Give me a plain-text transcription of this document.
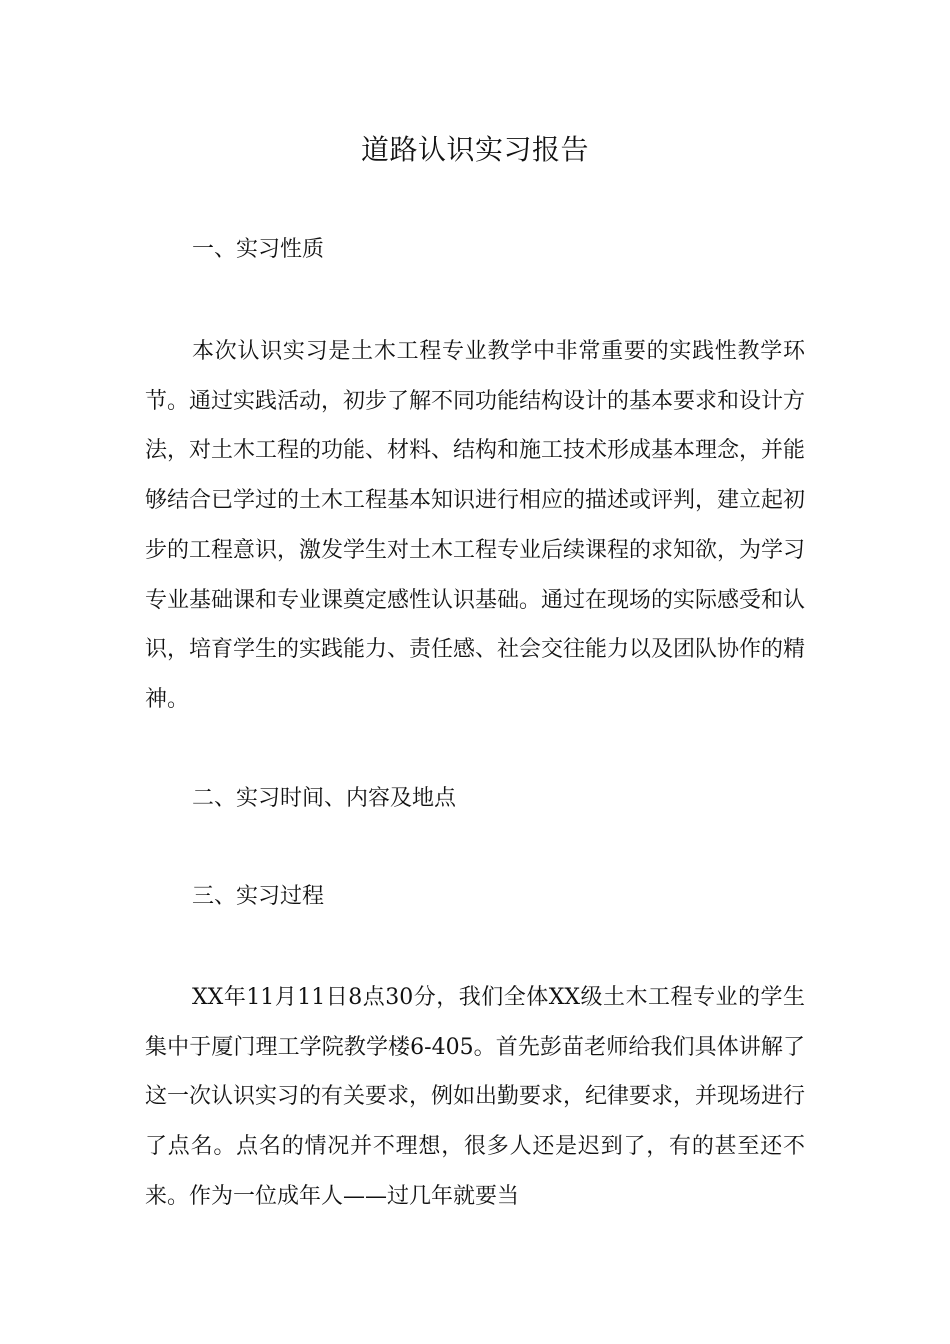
道路认识实习报告
一、实习性质

本次认识实习是土木工程专业教学中非常重要的实践性教学环节。通过实践活动，初步了解不同功能结构设计的基本要求和设计方法，对土木工程的功能、材料、结构和施工技术形成基本理念，并能够结合已学过的土木工程基本知识进行相应的描述或评判，建立起初步的工程意识，激发学生对土木工程专业后续课程的求知欲，为学习专业基础课和专业课奠定感性认识基础。通过在现场的实际感受和认识，培育学生的实践能力、责任感、社会交往能力以及团队协作的精神。

二、实习时间、内容及地点
三、实习过程

XX年11月11日8点30分，我们全体XX级土木工程专业的学生集中于厦门理工学院教学楼6-405。首先彭苗老师给我们具体讲解了这一次认识实习的有关要求，例如出勤要求，纪律要求，并现场进行了点名。点名的情况并不理想，很多人还是迟到了，有的甚至还不来。作为一位成年人——过几年就要当
